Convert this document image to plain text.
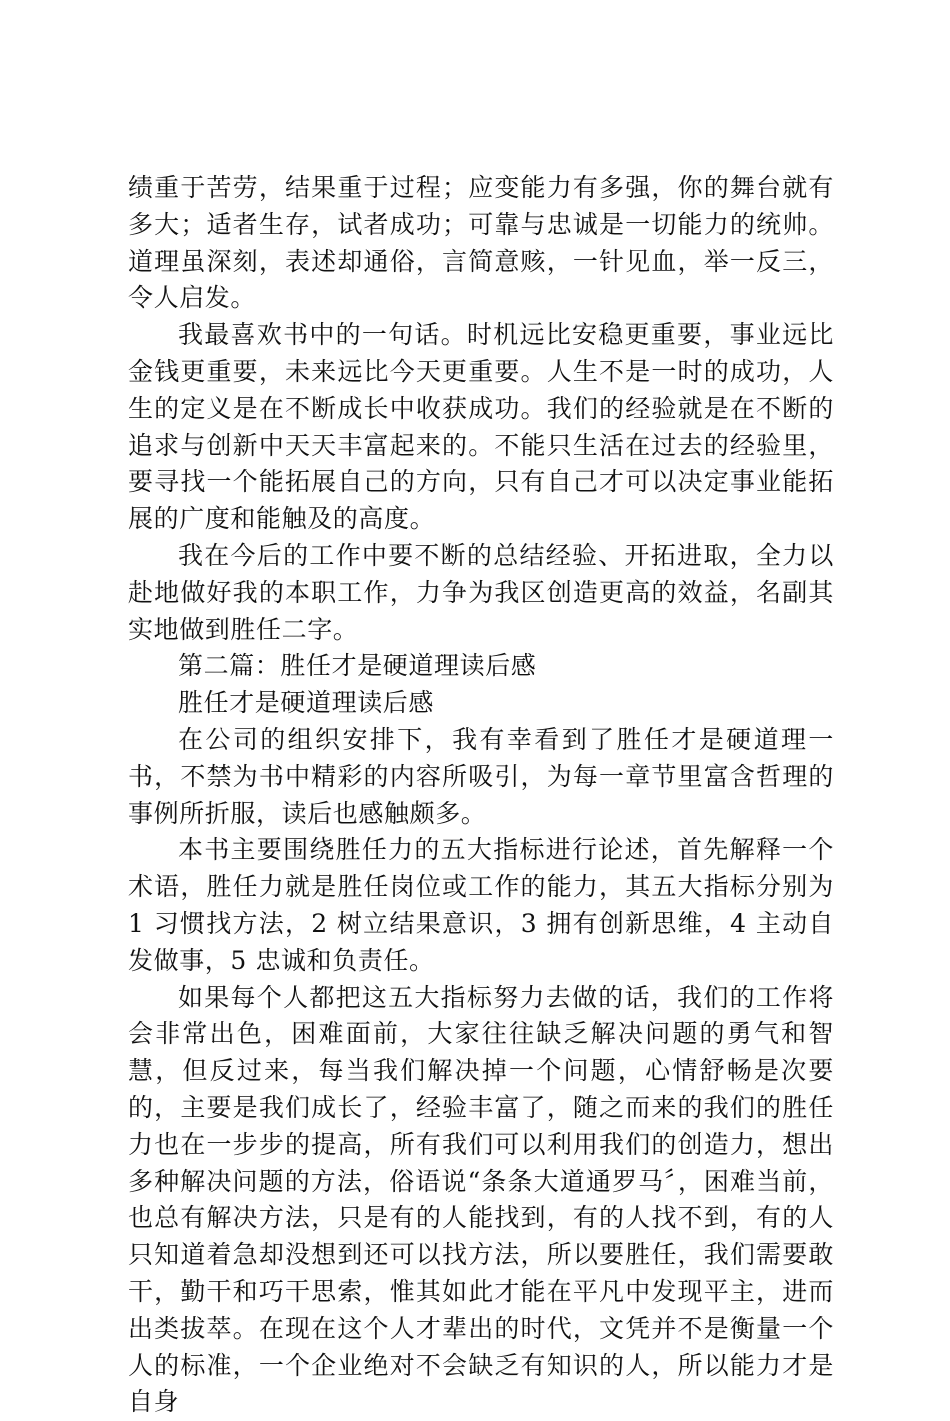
绩重于苦劳，结果重于过程；应变能力有多强，你的舞台就有多大；适者生存，试者成功；可靠与忠诚是一切能力的统帅。道理虽深刻，表述却通俗，言简意赅，一针见血，举一反三，令人启发。

我最喜欢书中的一句话。时机远比安稳更重要，事业远比金钱更重要，未来远比今天更重要。人生不是一时的成功，人生的定义是在不断成长中收获成功。我们的经验就是在不断的追求与创新中天天丰富起来的。不能只生活在过去的经验里，要寻找一个能拓展自己的方向，只有自己才可以决定事业能拓展的广度和能触及的高度。

我在今后的工作中要不断的总结经验、开拓进取，全力以赴地做好我的本职工作，力争为我区创造更高的效益，名副其实地做到胜任二字。

第二篇：胜任才是硬道理读后感

胜任才是硬道理读后感

在公司的组织安排下，我有幸看到了胜任才是硬道理一书，不禁为书中精彩的内容所吸引，为每一章节里富含哲理的事例所折服，读后也感触颇多。

本书主要围绕胜任力的五大指标进行论述，首先解释一个术语，胜任力就是胜任岗位或工作的能力，其五大指标分别为 1 习惯找方法，2 树立结果意识，3 拥有创新思维，4 主动自发做事，5 忠诚和负责任。

如果每个人都把这五大指标努力去做的话，我们的工作将会非常出色，困难面前，大家往往缺乏解决问题的勇气和智慧，但反过来，每当我们解决掉一个问题，心情舒畅是次要的，主要是我们成长了，经验丰富了，随之而来的我们的胜任力也在一步步的提高，所有我们可以利用我们的创造力，想出多种解决问题的方法，俗语说“条条大道通罗马〞，困难当前，也总有解决方法，只是有的人能找到，有的人找不到，有的人只知道着急却没想到还可以找方法，所以要胜任，我们需要敢干，勤干和巧干思索，惟其如此才能在平凡中发现平主，进而出类拔萃。在现在这个人才辈出的时代，文凭并不是衡量一个人的标准，一个企业绝对不会缺乏有知识的人，所以能力才是自身
